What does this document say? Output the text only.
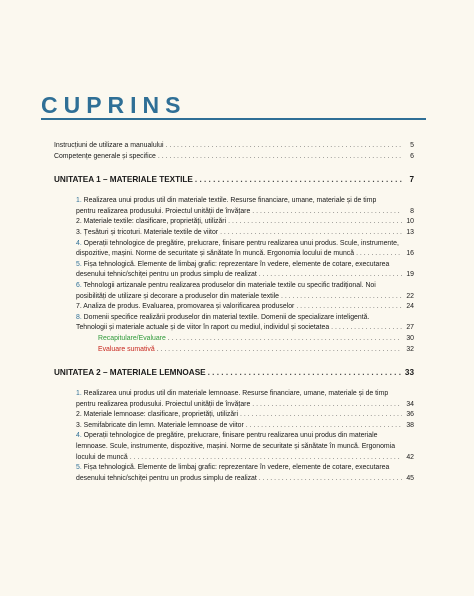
CUPRINS
Instrucțiuni de utilizare a manualului . . .	5
Competențe generale și specifice . . .	6
UNITATEA 1 – MATERIALE TEXTILE . . .	7
1. Realizarea unui produs util din materiale textile. Resurse financiare, umane, materiale și de timp
pentru realizarea produsului. Proiectul unității de învățare . . .	8
2. Materiale textile: clasificare, proprietăți, utilizări . . .	10
3. Țesături și tricoturi. Materiale textile de viitor . . .	13
4. Operații tehnologice de pregătire, prelucrare, finisare pentru realizarea unui produs. Scule, instrumente,
dispozitive, mașini. Norme de securitate și sănătate în muncă. Ergonomia locului de muncă . . .	16
5. Fișa tehnologică. Elemente de limbaj grafic: reprezentare în vedere, elemente de cotare, executarea
desenului tehnic/schiței pentru un produs simplu de realizat . . .	19
6. Tehnologii artizanale pentru realizarea produselor din materiale textile cu specific tradițional. Noi
posibilități de utilizare și decorare a produselor din materiale textile . . .	22
7. Analiza de produs. Evaluarea, promovarea și valorificarea produselor . . .	24
8. Domenii specifice realizării produselor din material textile. Domenii de specializare inteligentă.
Tehnologii și materiale actuale și de viitor în raport cu mediul, individul și societatea . . .	27
Recapitulare/Evaluare . . .	30
Evaluare sumativă . . .	32
UNITATEA 2 – MATERIALE LEMNOASE . . .	33
1. Realizarea unui produs util din materiale lemnoase. Resurse financiare, umane, materiale și de timp
pentru realizarea produsului. Proiectul unității de învățare . . .	34
2. Materiale lemnoase: clasificare, proprietăți, utilizări . . .	36
3. Semifabricate din lemn. Materiale lemnoase de viitor . . .	38
4. Operații tehnologice de pregătire, prelucrare, finisare pentru realizarea unui produs din materiale
lemnoase. Scule, instrumente, dispozitive, mașini. Norme de securitate și sănătate în muncă. Ergonomia
locului de muncă . . .	42
5. Fișa tehnologică. Elemente de limbaj grafic: reprezentare în vedere, elemente de cotare, executarea
desenului tehnic/schiței pentru un produs simplu de realizat . . .	45
